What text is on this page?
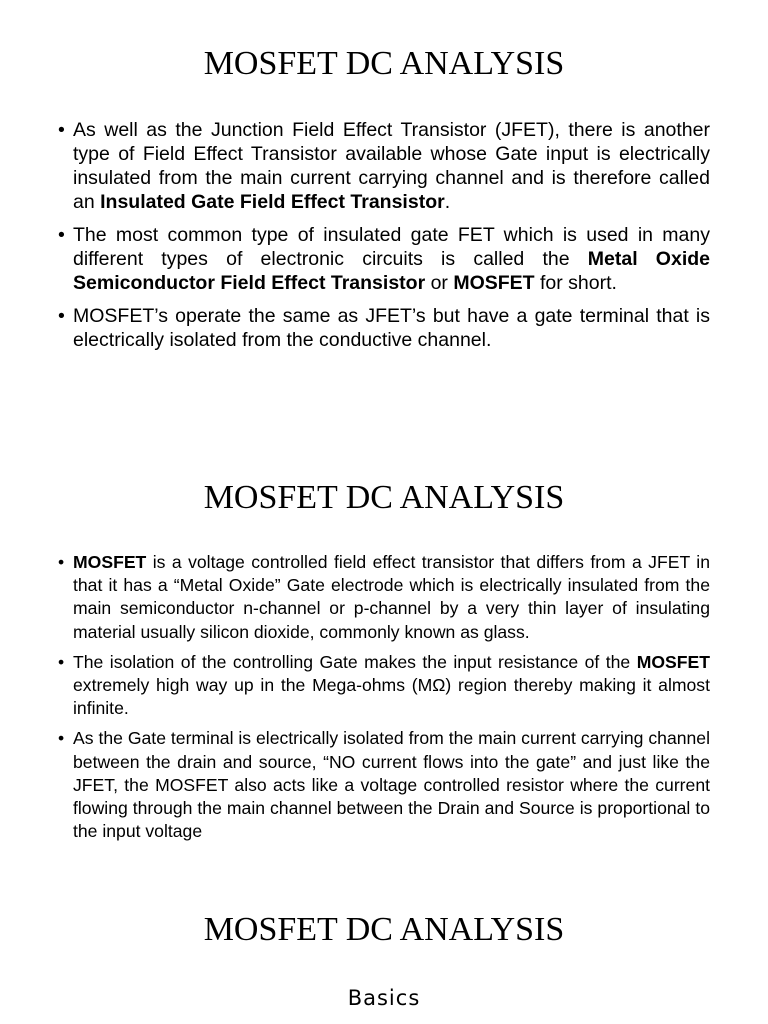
MOSFET DC ANALYSIS
• As well as the Junction Field Effect Transistor (JFET), there is another type of Field Effect Transistor available whose Gate input is electrically insulated from the main current carrying channel and is therefore called an Insulated Gate Field Effect Transistor.
• The most common type of insulated gate FET which is used in many different types of electronic circuits is called the Metal Oxide Semiconductor Field Effect Transistor or MOSFET for short.
• MOSFET’s operate the same as JFET’s but have a gate terminal that is electrically isolated from the conductive channel.
MOSFET DC ANALYSIS
• MOSFET is a voltage controlled field effect transistor that differs from a JFET in that it has a “Metal Oxide” Gate electrode which is electrically insulated from the main semiconductor n-channel or p-channel by a very thin layer of insulating material usually silicon dioxide, commonly known as glass.
• The isolation of the controlling Gate makes the input resistance of the MOSFET extremely high way up in the Mega-ohms (MΩ) region thereby making it almost infinite.
• As the Gate terminal is electrically isolated from the main current carrying channel between the drain and source, “NO current flows into the gate” and just like the JFET, the MOSFET also acts like a voltage controlled resistor where the current flowing through the main channel between the Drain and Source is proportional to the input voltage
MOSFET DC ANALYSIS
Basics
